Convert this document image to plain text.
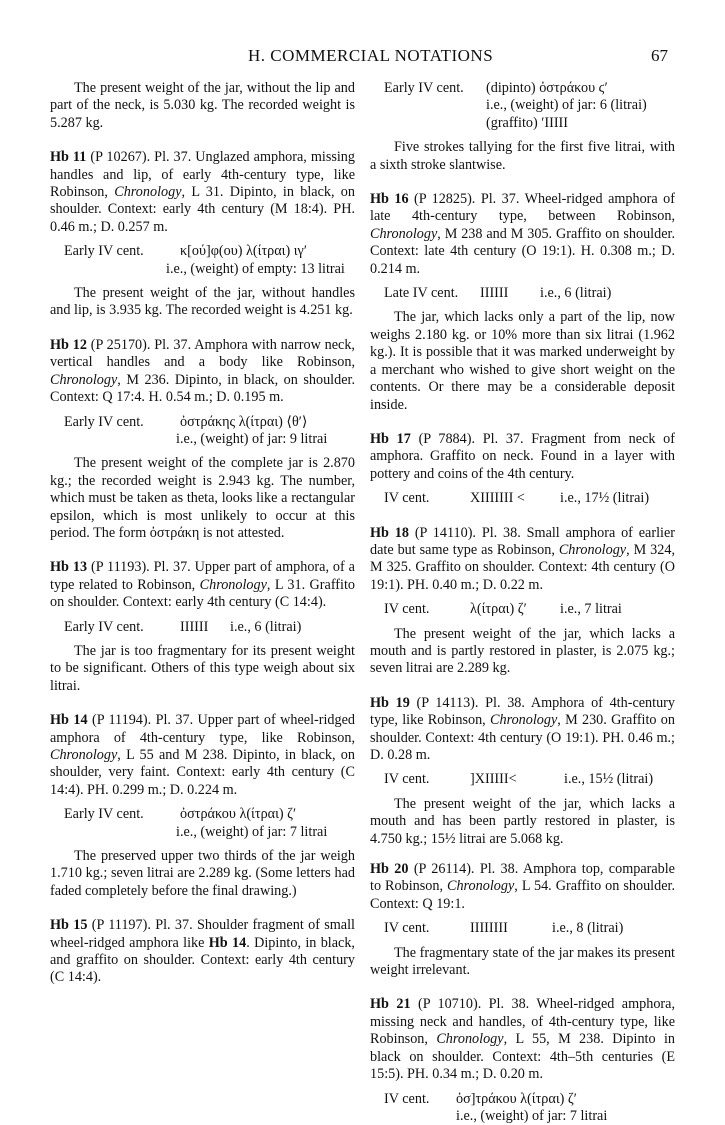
H. COMMERCIAL NOTATIONS	67

The present weight of the jar, without the lip and part of the neck, is 5.030 kg. The recorded weight is 5.287 kg.

Hb 11 (P 10267). Pl. 37. Unglazed amphora, missing handles and lip, of early 4th-century type, like Robinson, Chronology, L 31. Dipinto, in black, on shoulder. Context: early 4th century (M 18:4). PH. 0.46 m.; D. 0.257 m.

Early IV cent.	κ[ού]φ(ου) λ(ίτραι) ιγʹ
i.e., (weight) of empty: 13 litrai

The present weight of the jar, without handles and lip, is 3.935 kg. The recorded weight is 4.251 kg.

Hb 12 (P 25170). Pl. 37. Amphora with narrow neck, vertical handles and a body like Robinson, Chronology, M 236. Dipinto, in black, on shoulder. Context: Q 17:4. H. 0.54 m.; D. 0.195 m.

Early IV cent.	ὀστράκης λ(ίτραι) ⟨θʹ⟩
i.e., (weight) of jar: 9 litrai

The present weight of the complete jar is 2.870 kg.; the recorded weight is 2.943 kg. The number, which must be taken as theta, looks like a rectangular epsilon, which is most unlikely to occur at this period. The form ὀστράκη is not attested.

Hb 13 (P 11193). Pl. 37. Upper part of amphora, of a type related to Robinson, Chronology, L 31. Graffito on shoulder. Context: early 4th century (C 14:4).

Early IV cent.	IIIIII	i.e., 6 (litrai)

The jar is too fragmentary for its present weight to be significant. Others of this type weigh about six litrai.

Hb 14 (P 11194). Pl. 37. Upper part of wheel-ridged amphora of 4th-century type, like Robinson, Chronology, L 55 and M 238. Dipinto, in black, on shoulder, very faint. Context: early 4th century (C 14:4). PH. 0.299 m.; D. 0.224 m.

Early IV cent.	ὀστράκου λ(ίτραι) ζʹ
i.e., (weight) of jar: 7 litrai

The preserved upper two thirds of the jar weigh 1.710 kg.; seven litrai are 2.289 kg. (Some letters had faded completely before the final drawing.)

Hb 15 (P 11197). Pl. 37. Shoulder fragment of small wheel-ridged amphora like Hb 14. Dipinto, in black, and graffito on shoulder. Context: early 4th century (C 14:4).

Early IV cent.	(dipinto) ὀστράκου ϛʹ
i.e., (weight) of jar: 6 (litrai)
(graffito) ʹIIIII

Five strokes tallying for the first five litrai, with a sixth stroke slantwise.

Hb 16 (P 12825). Pl. 37. Wheel-ridged amphora of late 4th-century type, between Robinson, Chronology, M 238 and M 305. Graffito on shoulder. Context: late 4th century (O 19:1). H. 0.308 m.; D. 0.214 m.

Late IV cent.	IIIIII	i.e., 6 (litrai)

The jar, which lacks only a part of the lip, now weighs 2.180 kg. or 10% more than six litrai (1.962 kg.). It is possible that it was marked underweight by a merchant who wished to give short weight on the contents. Or there may be a considerable deposit inside.

Hb 17 (P 7884). Pl. 37. Fragment from neck of amphora. Graffito on neck. Found in a layer with pottery and coins of the 4th century.

IV cent.	XIIIIIII <	i.e., 17½ (litrai)

Hb 18 (P 14110). Pl. 38. Small amphora of earlier date but same type as Robinson, Chronology, M 324, M 325. Graffito on shoulder. Context: 4th century (O 19:1). PH. 0.40 m.; D. 0.22 m.

IV cent.	λ(ίτραι) ζʹ	i.e., 7 litrai

The present weight of the jar, which lacks a mouth and is partly restored in plaster, is 2.075 kg.; seven litrai are 2.289 kg.

Hb 19 (P 14113). Pl. 38. Amphora of 4th-century type, like Robinson, Chronology, M 230. Graffito on shoulder. Context: 4th century (O 19:1). PH. 0.46 m.; D. 0.28 m.

IV cent.	]XIIIII<	i.e., 15½ (litrai)

The present weight of the jar, which lacks a mouth and has been partly restored in plaster, is 4.750 kg.; 15½ litrai are 5.068 kg.

Hb 20 (P 26114). Pl. 38. Amphora top, comparable to Robinson, Chronology, L 54. Graffito on shoulder. Context: Q 19:1.

IV cent.	IIIIIIII	i.e., 8 (litrai)

The fragmentary state of the jar makes its present weight irrelevant.

Hb 21 (P 10710). Pl. 38. Wheel-ridged amphora, missing neck and handles, of 4th-century type, like Robinson, Chronology, L 55, M 238. Dipinto in black on shoulder. Context: 4th–5th centuries (E 15:5). PH. 0.34 m.; D. 0.20 m.

IV cent.	ὀσ]τράκου λ(ίτραι) ζʹ
i.e., (weight) of jar: 7 litrai
